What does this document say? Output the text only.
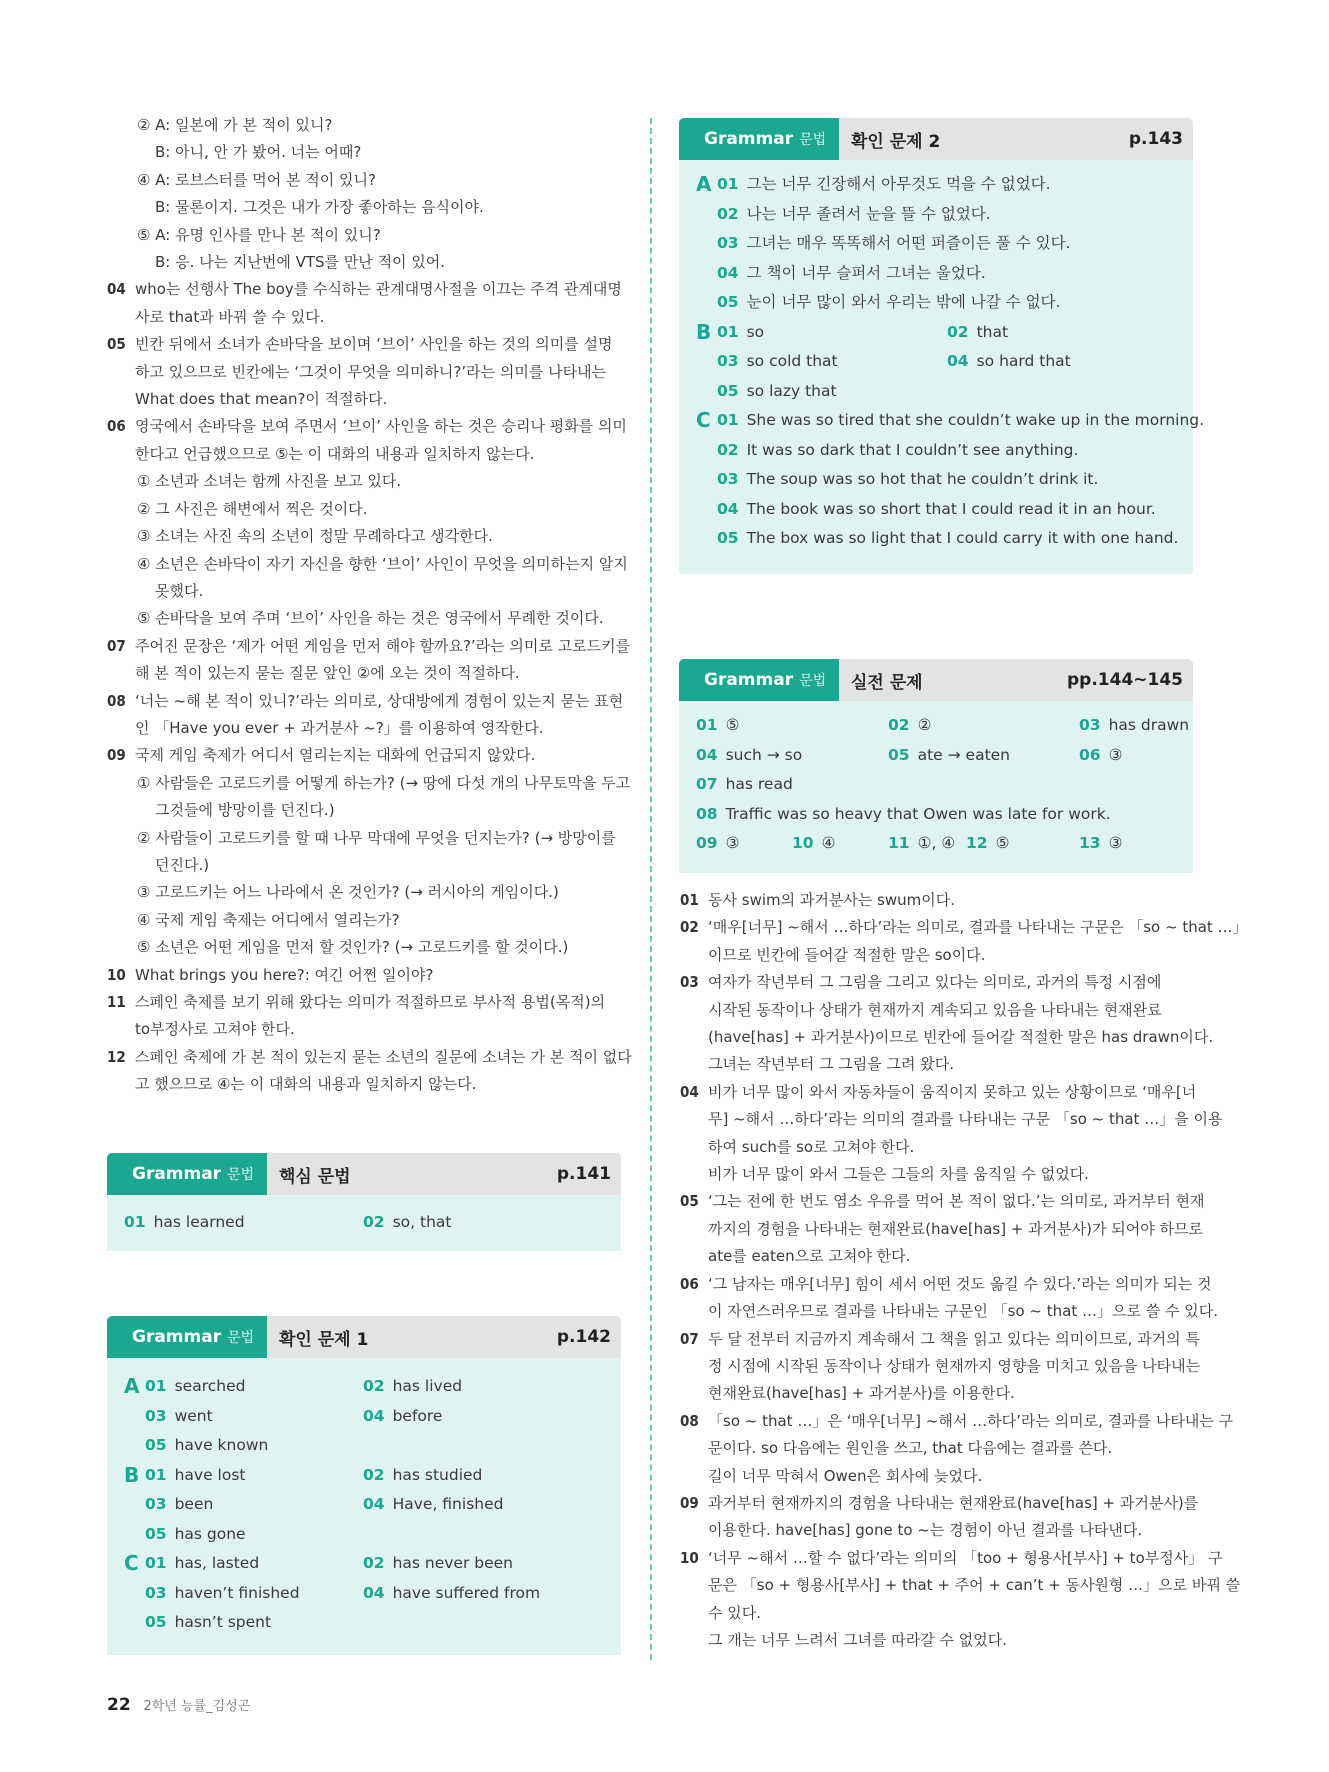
② A: 일본에 가 본 적이 있니?
B: 아니, 안 가 봤어. 너는 어때?
④ A: 로브스터를 먹어 본 적이 있니?
B: 물론이지. 그것은 내가 가장 좋아하는 음식이야.
⑤ A: 유명 인사를 만나 본 적이 있니?
B: 응. 나는 지난번에 VTS를 만난 적이 있어.
04 who는 선행사 The boy를 수식하는 관계대명사절을 이끄는 주격 관계대명
사로 that과 바꿔 쓸 수 있다.
05 빈칸 뒤에서 소녀가 손바닥을 보이며 ‘브이’ 사인을 하는 것의 의미를 설명
하고 있으므로 빈칸에는 ‘그것이 무엇을 의미하니?’라는 의미를 나타내는
What does that mean?이 적절하다.
06 영국에서 손바닥을 보여 주면서 ‘브이’ 사인을 하는 것은 승리나 평화를 의미
한다고 언급했으므로 ⑤는 이 대화의 내용과 일치하지 않는다.
① 소년과 소녀는 함께 사진을 보고 있다.
② 그 사진은 해변에서 찍은 것이다.
③ 소녀는 사진 속의 소년이 정말 무례하다고 생각한다.
④ 소년은 손바닥이 자기 자신을 향한 ‘브이’ 사인이 무엇을 의미하는지 알지
못했다.
⑤ 손바닥을 보여 주며 ‘브이’ 사인을 하는 것은 영국에서 무례한 것이다.
07 주어진 문장은 ‘제가 어떤 게임을 먼저 해야 할까요?’라는 의미로 고로드키를
해 본 적이 있는지 묻는 질문 앞인 ②에 오는 것이 적절하다.
08 ‘너는 ~해 본 적이 있니?’라는 의미로, 상대방에게 경험이 있는지 묻는 표현
인 「Have you ever + 과거분사 ~?」를 이용하여 영작한다.
09 국제 게임 축제가 어디서 열리는지는 대화에 언급되지 않았다.
① 사람들은 고로드키를 어떻게 하는가? (→ 땅에 다섯 개의 나무토막을 두고
그것들에 방망이를 던진다.)
② 사람들이 고로드키를 할 때 나무 막대에 무엇을 던지는가? (→ 방망이를
던진다.)
③ 고로드키는 어느 나라에서 온 것인가? (→ 러시아의 게임이다.)
④ 국제 게임 축제는 어디에서 열리는가?
⑤ 소년은 어떤 게임을 먼저 할 것인가? (→ 고로드키를 할 것이다.)
10 What brings you here?: 여긴 어쩐 일이야?
11 스페인 축제를 보기 위해 왔다는 의미가 적절하므로 부사적 용법(목적)의
to부정사로 고쳐야 한다.
12 스페인 축제에 가 본 적이 있는지 묻는 소년의 질문에 소녀는 가 본 적이 없다
고 했으므로 ④는 이 대화의 내용과 일치하지 않는다.
Grammar 문법	핵심 문법	p.141
01 has learned	02 so, that
Grammar 문법	확인 문제 1	p.142
A 01 searched	02 has lived
03 went	04 before
05 have known
B 01 have lost	02 has studied
03 been	04 Have, finished
05 has gone
C 01 has, lasted	02 has never been
03 haven’t finished	04 have suffered from
05 hasn’t spent
Grammar 문법	확인 문제 2	p.143
A 01 그는 너무 긴장해서 아무것도 먹을 수 없었다.
02 나는 너무 졸려서 눈을 뜰 수 없었다.
03 그녀는 매우 똑똑해서 어떤 퍼즐이든 풀 수 있다.
04 그 책이 너무 슬퍼서 그녀는 울었다.
05 눈이 너무 많이 와서 우리는 밖에 나갈 수 없다.
B 01 so	02 that
03 so cold that	04 so hard that
05 so lazy that
C 01 She was so tired that she couldn’t wake up in the morning.
02 It was so dark that I couldn’t see anything.
03 The soup was so hot that he couldn’t drink it.
04 The book was so short that I could read it in an hour.
05 The box was so light that I could carry it with one hand.
Grammar 문법	실전 문제	pp.144~145
01 ⑤	02 ②	03 has drawn
04 such → so	05 ate → eaten	06 ③
07 has read
08 Traffic was so heavy that Owen was late for work.
09 ③	10 ④	11 ①, ④ 12 ⑤	13 ③
01 동사 swim의 과거분사는 swum이다.
02 ‘매우[너무] ~해서 …하다’라는 의미로, 결과를 나타내는 구문은 「so ~ that …」
이므로 빈칸에 들어갈 적절한 말은 so이다.
03 여자가 작년부터 그 그림을 그리고 있다는 의미로, 과거의 특정 시점에
시작된 동작이나 상태가 현재까지 계속되고 있음을 나타내는 현재완료
(have[has] + 과거분사)이므로 빈칸에 들어갈 적절한 말은 has drawn이다.
그녀는 작년부터 그 그림을 그려 왔다.
04 비가 너무 많이 와서 자동차들이 움직이지 못하고 있는 상황이므로 ‘매우[너
무] ~해서 …하다’라는 의미의 결과를 나타내는 구문 「so ~ that …」을 이용
하여 such를 so로 고쳐야 한다.
비가 너무 많이 와서 그들은 그들의 차를 움직일 수 없었다.
05 ‘그는 전에 한 번도 염소 우유를 먹어 본 적이 없다.’는 의미로, 과거부터 현재
까지의 경험을 나타내는 현재완료(have[has] + 과거분사)가 되어야 하므로
ate를 eaten으로 고쳐야 한다.
06 ‘그 남자는 매우[너무] 힘이 세서 어떤 것도 옮길 수 있다.’라는 의미가 되는 것
이 자연스러우므로 결과를 나타내는 구문인 「so ~ that …」으로 쓸 수 있다.
07 두 달 전부터 지금까지 계속해서 그 책을 읽고 있다는 의미이므로, 과거의 특
정 시점에 시작된 동작이나 상태가 현재까지 영향을 미치고 있음을 나타내는
현재완료(have[has] + 과거분사)를 이용한다.
08 「so ~ that …」은 ‘매우[너무] ~해서 …하다’라는 의미로, 결과를 나타내는 구
문이다. so 다음에는 원인을 쓰고, that 다음에는 결과를 쓴다.
길이 너무 막혀서 Owen은 회사에 늦었다.
09 과거부터 현재까지의 경험을 나타내는 현재완료(have[has] + 과거분사)를
이용한다. have[has] gone to ~는 경험이 아닌 결과를 나타낸다.
10 ‘너무 ~해서 …할 수 없다’라는 의미의 「too + 형용사[부사] + to부정사」 구
문은 「so + 형용사[부사] + that + 주어 + can’t + 동사원형 …」으로 바꿔 쓸
수 있다.
그 개는 너무 느려서 그녀를 따라갈 수 없었다.
22 2학년 능률_김성곤
